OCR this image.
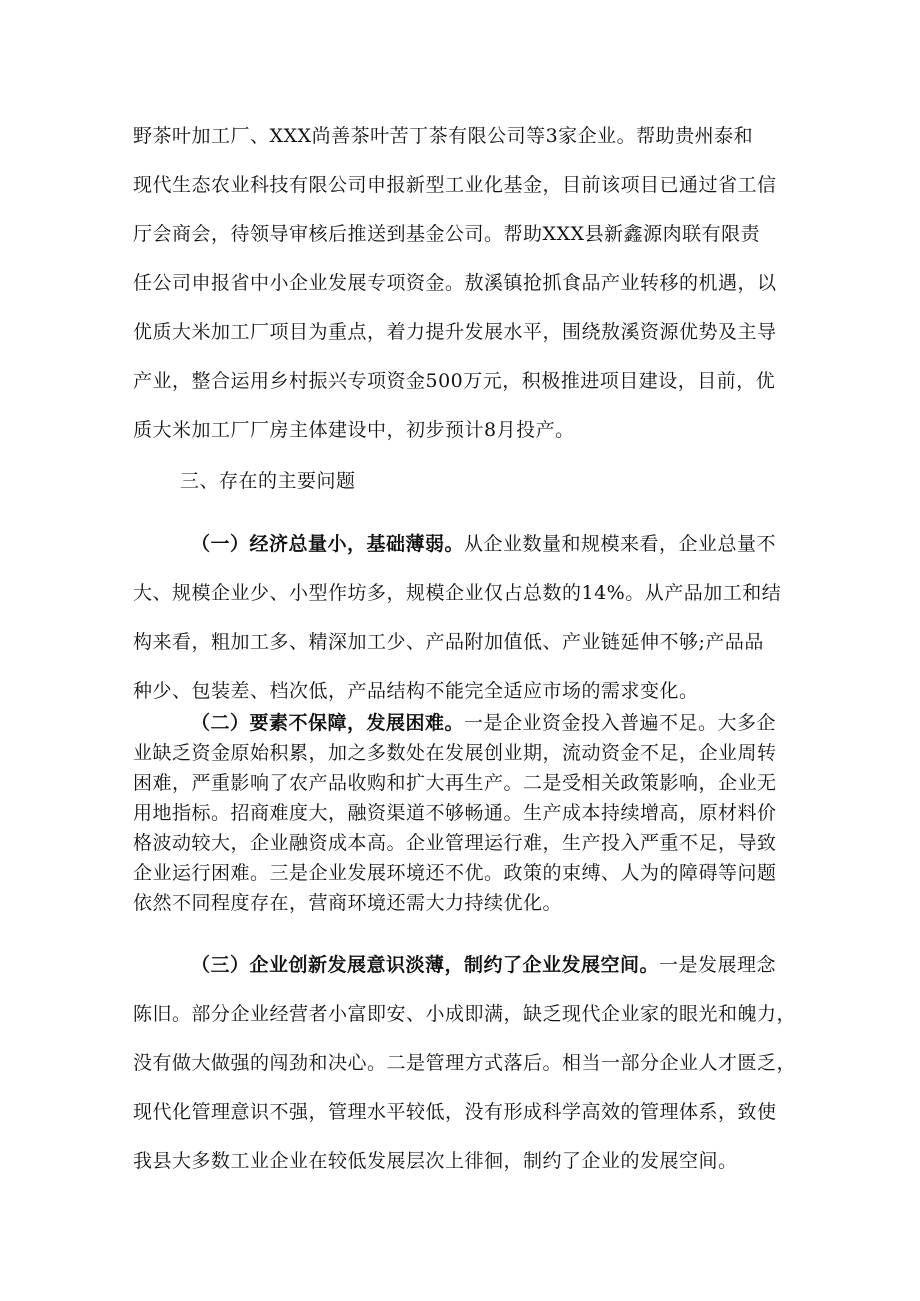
野茶叶加工厂、XXX尚善茶叶苦丁茶有限公司等3家企业。帮助贵州泰和
现代生态农业科技有限公司申报新型工业化基金，目前该项目已通过省工信
厅会商会，待领导审核后推送到基金公司。帮助XXX县新鑫源肉联有限责
任公司申报省中小企业发展专项资金。敖溪镇抢抓食品产业转移的机遇，以
优质大米加工厂项目为重点，着力提升发展水平，围绕敖溪资源优势及主导
产业，整合运用乡村振兴专项资金500万元，积极推进项目建设，目前，优
质大米加工厂厂房主体建设中，初步预计8月投产。
三、存在的主要问题
（一）经济总量小，基础薄弱。从企业数量和规模来看，企业总量不
大、规模企业少、小型作坊多，规模企业仅占总数的14%。从产品加工和结
构来看，粗加工多、精深加工少、产品附加值低、产业链延伸不够;产品品
种少、包装差、档次低，产品结构不能完全适应市场的需求变化。
（二）要素不保障，发展困难。一是企业资金投入普遍不足。大多企
业缺乏资金原始积累，加之多数处在发展创业期，流动资金不足，企业周转
困难，严重影响了农产品收购和扩大再生产。二是受相关政策影响，企业无
用地指标。招商难度大，融资渠道不够畅通。生产成本持续增高，原材料价
格波动较大，企业融资成本高。企业管理运行难，生产投入严重不足，导致
企业运行困难。三是企业发展环境还不优。政策的束缚、人为的障碍等问题
依然不同程度存在，营商环境还需大力持续优化。
（三）企业创新发展意识淡薄，制约了企业发展空间。一是发展理念
陈旧。部分企业经营者小富即安、小成即满，缺乏现代企业家的眼光和魄力，
没有做大做强的闯劲和决心。二是管理方式落后。相当一部分企业人才匮乏，
现代化管理意识不强，管理水平较低，没有形成科学高效的管理体系，致使
我县大多数工业企业在较低发展层次上徘徊，制约了企业的发展空间。
